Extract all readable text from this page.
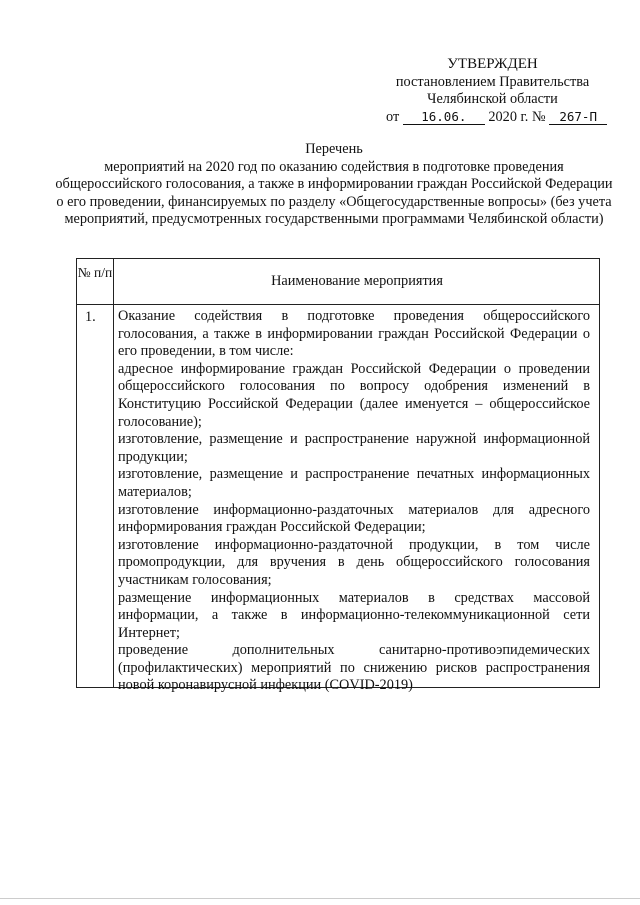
УТВЕРЖДЕН
постановлением Правительства
Челябинской области
от 16.06. 2020 г. № 267-П
Перечень
мероприятий на 2020 год по оказанию содействия в подготовке проведения общероссийского голосования, а также в информировании граждан Российской Федерации о его проведении, финансируемых по разделу «Общегосударственные вопросы» (без учета мероприятий, предусмотренных государственными программами Челябинской области)
№ п/п
Наименование мероприятия
1. Оказание содействия в подготовке проведения общероссийского голосования, а также в информировании граждан Российской Федерации о его проведении, в том числе:

адресное информирование граждан Российской Федерации о проведении общероссийского голосования по вопросу одобрения изменений в Конституцию Российской Федерации (далее именуется – общероссийское голосование);

изготовление, размещение и распространение наружной информационной продукции;

изготовление, размещение и распространение печатных информационных материалов;

изготовление информационно-раздаточных материалов для адресного информирования граждан Российской Федерации;

изготовление информационно-раздаточной продукции, в том числе промопродукции, для вручения в день общероссийского голосования участникам голосования;

размещение информационных материалов в средствах массовой информации, а также в информационно-телекоммуникационной сети Интернет;

проведение дополнительных санитарно-противоэпидемических (профилактических) мероприятий по снижению рисков распространения новой коронавирусной инфекции (COVID-2019)
